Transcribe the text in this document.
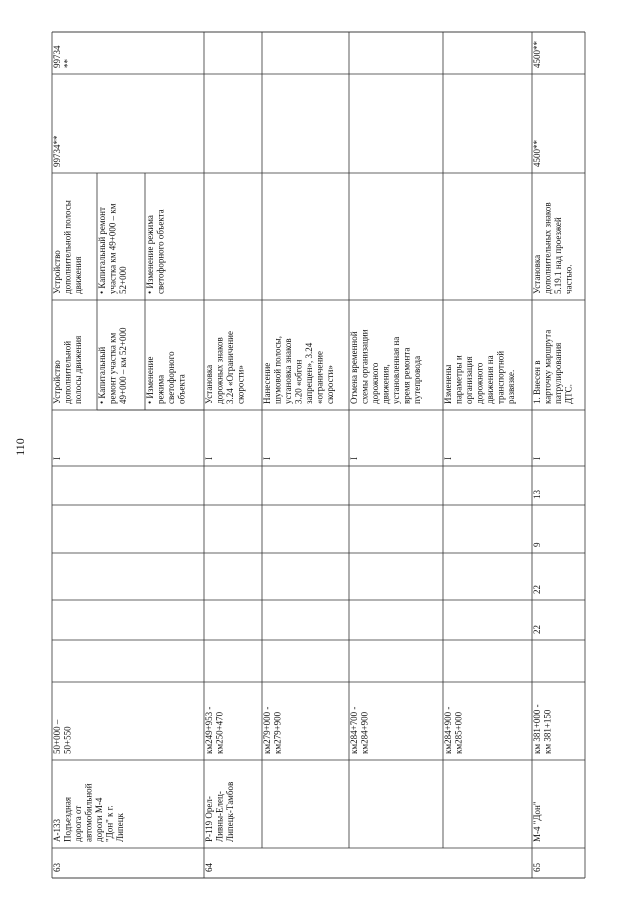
110
63
А-133 Подъездная дорога от автомобильной дороги М-4 "Дон" к г. Липецк
50+000 – 50+550
I
Устройство дополнительной полосы движения
Устройство дополнительной полосы движения
• Капитальный ремонт участка км 49+000 – км 52+000
• Капитальный ремонт участка км 49+000 – км 52+000
• Изменение режима светофорного объекта
• Изменение режима светофорного объекта
99734**
99734 **
64
Р-119 Орел- Ливны-Елец- Липецк-Тамбов
км249+953 - км250+470
I
Установка дорожных знаков 3.24 «Ограничение скорости»
км279+000 - км279+900
I
Нанесение шумовой полосы, установка знаков 3.20 «обгон запрещен», 3.24 «ограничение скорости»
км284+700 - км284+900
I
Отмена временной схемы организации дорожного движения, установленная на время ремонта путепровода
км284+900 - км285+000
I
Изменены параметры и организация дорожного движения на транспортной развязке.
65
М-4 "Дон"
км 381+000 - км 381+150
22
22
9
13
I
1. Внесен в карточку маршрута патрулирования ДТС.
Установка дополнительных знаков 5.19.1 над проезжей частью.
4500**
4500**
